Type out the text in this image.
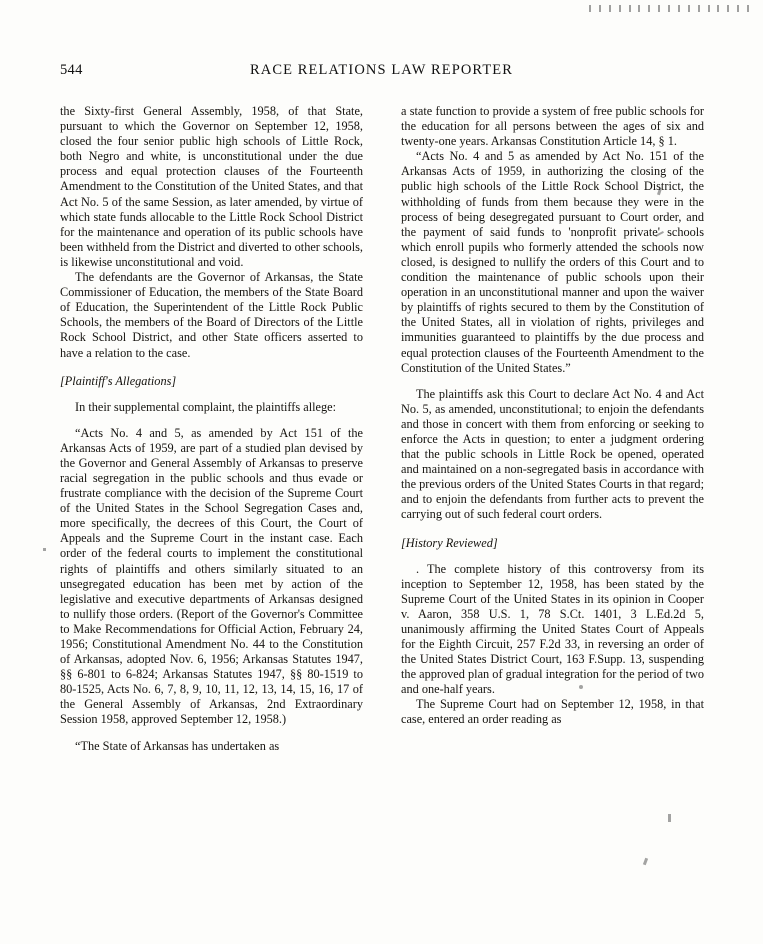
544	RACE RELATIONS LAW REPORTER

the Sixty-first General Assembly, 1958, of that State, pursuant to which the Governor on September 12, 1958, closed the four senior public high schools of Little Rock, both Negro and white, is unconstitutional under the due process and equal protection clauses of the Fourteenth Amendment to the Constitution of the United States, and that Act No. 5 of the same Session, as later amended, by virtue of which state funds allocable to the Little Rock School District for the maintenance and operation of its public schools have been withheld from the District and diverted to other schools, is likewise unconstitutional and void.

The defendants are the Governor of Arkansas, the State Commissioner of Education, the members of the State Board of Education, the Superintendent of the Little Rock Public Schools, the members of the Board of Directors of the Little Rock School District, and other State officers asserted to have a relation to the case.

[Plaintiff's Allegations]

In their supplemental complaint, the plaintiffs allege:

“Acts No. 4 and 5, as amended by Act 151 of the Arkansas Acts of 1959, are part of a studied plan devised by the Governor and General Assembly of Arkansas to preserve racial segregation in the public schools and thus evade or frustrate compliance with the decision of the Supreme Court of the United States in the School Segregation Cases and, more specifically, the decrees of this Court, the Court of Appeals and the Supreme Court in the instant case. Each order of the federal courts to implement the constitutional rights of plaintiffs and others similarly situated to an unsegregated education has been met by action of the legislative and executive departments of Arkansas designed to nullify those orders. (Report of the Governor's Committee to Make Recommendations for Official Action, February 24, 1956; Constitutional Amendment No. 44 to the Constitution of Arkansas, adopted Nov. 6, 1956; Arkansas Statutes 1947, §§ 6-801 to 6-824; Arkansas Statutes 1947, §§ 80-1519 to 80-1525, Acts No. 6, 7, 8, 9, 10, 11, 12, 13, 14, 15, 16, 17 of the General Assembly of Arkansas, 2nd Extraordinary Session 1958, approved September 12, 1958.)

“The State of Arkansas has undertaken as

a state function to provide a system of free public schools for the education for all persons between the ages of six and twenty-one years. Arkansas Constitution Article 14, § 1.

“Acts No. 4 and 5 as amended by Act No. 151 of the Arkansas Acts of 1959, in authorizing the closing of the public high schools of the Little Rock School District, the withholding of funds from them because they were in the process of being desegregated pursuant to Court order, and the payment of said funds to 'nonprofit private' schools which enroll pupils who formerly attended the schools now closed, is designed to nullify the orders of this Court and to condition the maintenance of public schools upon their operation in an unconstitutional manner and upon the waiver by plaintiffs of rights secured to them by the Constitution of the United States, all in violation of rights, privileges and immunities guaranteed to plaintiffs by the due process and equal protection clauses of the Fourteenth Amendment to the Constitution of the United States.”

The plaintiffs ask this Court to declare Act No. 4 and Act No. 5, as amended, unconstitutional; to enjoin the defendants and those in concert with them from enforcing or seeking to enforce the Acts in question; to enter a judgment ordering that the public schools in Little Rock be opened, operated and maintained on a non-segregated basis in accordance with the previous orders of the United States Courts in that regard; and to enjoin the defendants from further acts to prevent the carrying out of such federal court orders.

[History Reviewed]

. The complete history of this controversy from its inception to September 12, 1958, has been stated by the Supreme Court of the United States in its opinion in Cooper v. Aaron, 358 U.S. 1, 78 S.Ct. 1401, 3 L.Ed.2d 5, unanimously affirming the United States Court of Appeals for the Eighth Circuit, 257 F.2d 33, in reversing an order of the United States District Court, 163 F.Supp. 13, suspending the approved plan of gradual integration for the period of two and one-half years.

The Supreme Court had on September 12, 1958, in that case, entered an order reading as
